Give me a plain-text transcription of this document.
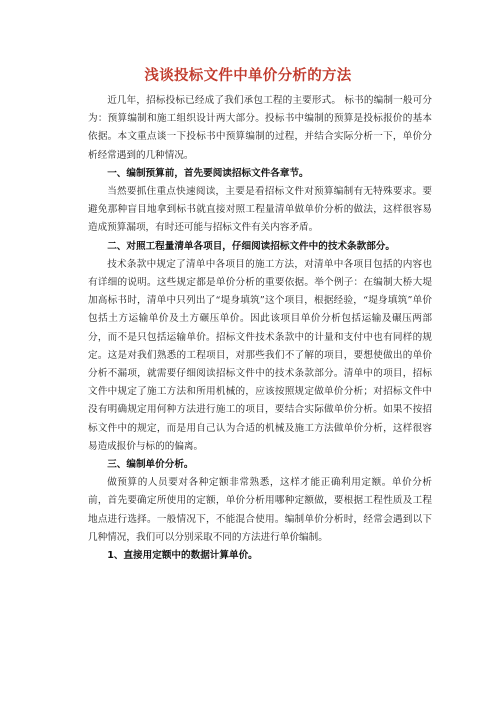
浅谈投标文件中单价分析的方法

近几年，招标投标已经成了我们承包工程的主要形式。 标书的编制一般可分为：预算编制和施工组织设计两大部分。投标书中编制的预算是投标报价的基本依据。本文重点谈一下投标书中预算编制的过程，并结合实际分析一下，单价分析经常遇到的几种情况。

一、编制预算前，首先要阅读招标文件各章节。

当然要抓住重点快速阅读，主要是看招标文件对预算编制有无特殊要求。要避免那种盲目地拿到标书就直接对照工程量清单做单价分析的做法，这样很容易造成预算漏项，有时还可能与招标文件有关内容矛盾。

二、对照工程量清单各项目，仔细阅读招标文件中的技术条款部分。

技术条款中规定了清单中各项目的施工方法，对清单中各项目包括的内容也有详细的说明。这些规定都是单价分析的重要依据。举个例子：在编制大桥大堤加高标书时，清单中只列出了“堤身填筑”这个项目，根据经验，“堤身填筑”单价包括土方运输单价及土方碾压单价。因此该项目单价分析包括运输及碾压两部分，而不是只包括运输单价。招标文件技术条款中的计量和支付中也有同样的规定。这是对我们熟悉的工程项目，对那些我们不了解的项目，要想使做出的单价分析不漏项，就需要仔细阅读招标文件中的技术条款部分。清单中的项目，招标文件中规定了施工方法和所用机械的，应该按照规定做单价分析；对招标文件中没有明确规定用何种方法进行施工的项目，要结合实际做单价分析。如果不按招标文件中的规定，而是用自己认为合适的机械及施工方法做单价分析，这样很容易造成报价与标的的偏离。

三、编制单价分析。

做预算的人员要对各种定额非常熟悉，这样才能正确利用定额。单价分析前，首先要确定所使用的定额，单价分析用哪种定额做，要根据工程性质及工程地点进行选择。一般情况下，不能混合使用。编制单价分析时，经常会遇到以下几种情况，我们可以分别采取不同的方法进行单价编制。

1、直接用定额中的数据计算单价。
